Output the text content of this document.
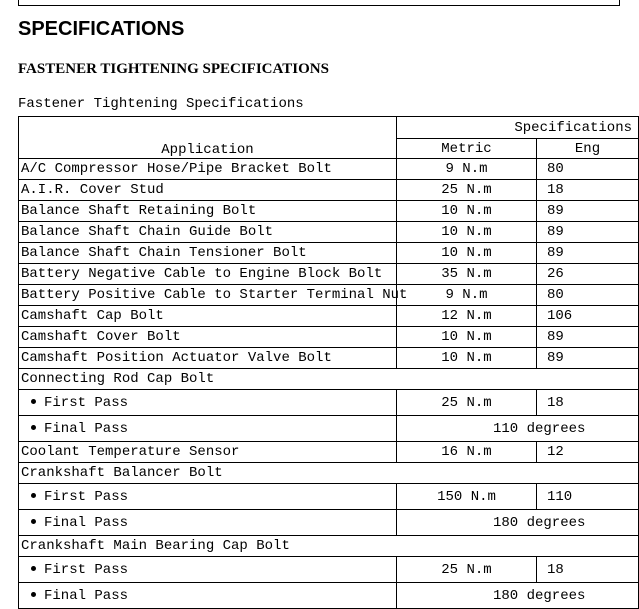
SPECIFICATIONS
FASTENER TIGHTENING SPECIFICATIONS
Fastener Tightening Specifications
Application	Specifications	
	Metric	Eng
A/C Compressor Hose/Pipe Bracket Bolt	9 N.m	80
A.I.R. Cover Stud	25 N.m	18
Balance Shaft Retaining Bolt	10 N.m	89
Balance Shaft Chain Guide Bolt	10 N.m	89
Balance Shaft Chain Tensioner Bolt	10 N.m	89
Battery Negative Cable to Engine Block Bolt	35 N.m	26
Battery Positive Cable to Starter Terminal Nut	9 N.m	80
Camshaft Cap Bolt	12 N.m	106
Camshaft Cover Bolt	10 N.m	89
Camshaft Position Actuator Valve Bolt	10 N.m	89
Connecting Rod Cap Bolt		
First Pass	25 N.m	18
Final Pass	110 degrees	
Coolant Temperature Sensor	16 N.m	12
Crankshaft Balancer Bolt		
First Pass	150 N.m	110
Final Pass	180 degrees	
Crankshaft Main Bearing Cap Bolt		
First Pass	25 N.m	18
Final Pass	180 degrees	
